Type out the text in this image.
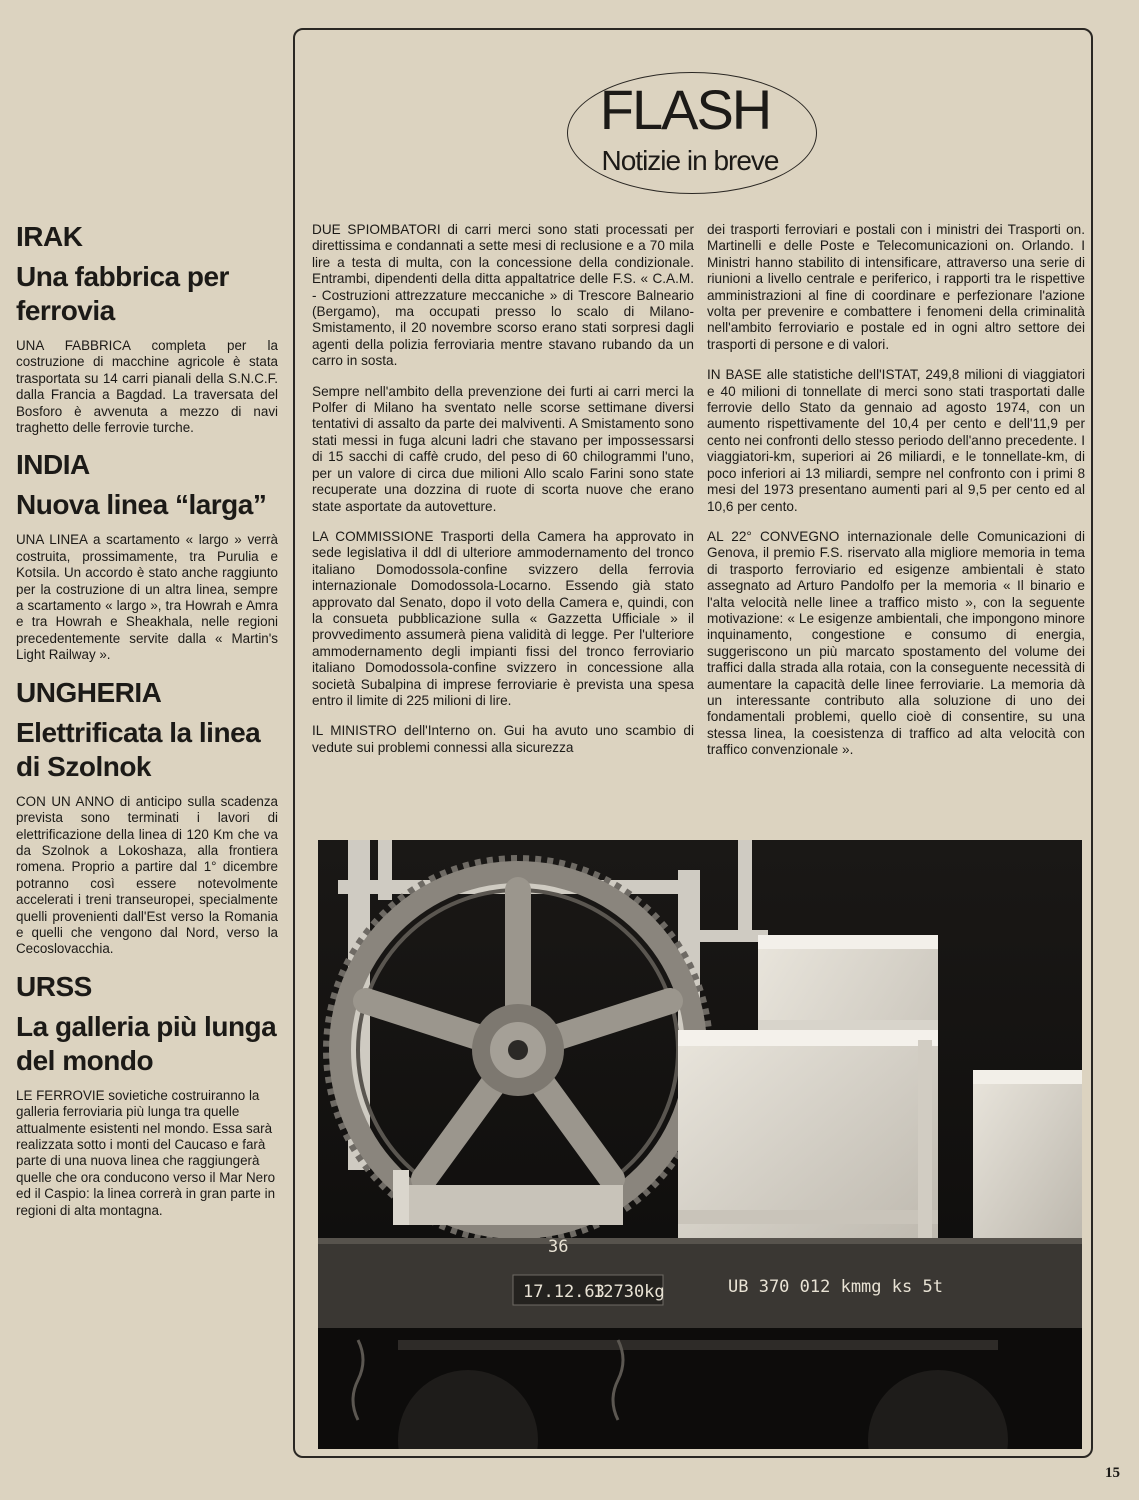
IRAK
Una fabbrica per ferrovia

UNA FABBRICA completa per la costruzione di macchine agricole è stata trasportata su 14 carri pianali della S.N.C.F. dalla Francia a Bagdad. La traversata del Bosforo è avvenuta a mezzo di navi traghetto delle ferrovie turche.

INDIA
Nuova linea “larga”

UNA LINEA a scartamento « largo » verrà costruita, prossimamente, tra Purulia e Kotsila. Un accordo è stato anche raggiunto per la costruzione di un altra linea, sempre a scartamento « largo », tra Howrah e Amra e tra Howrah e Sheakhala, nelle regioni precedentemente servite dalla « Martin's Light Railway ».

UNGHERIA
Elettrificata la linea di Szolnok

CON UN ANNO di anticipo sulla scadenza prevista sono terminati i lavori di elettrificazione della linea di 120 Km che va da Szolnok a Lokoshaza, alla frontiera romena. Proprio a partire dal 1° dicembre potranno così essere notevolmente accelerati i treni transeuropei, specialmente quelli provenienti dall'Est verso la Romania e quelli che vengono dal Nord, verso la Cecoslovacchia.

URSS
La galleria più lunga del mondo

LE FERROVIE sovietiche costruiranno la galleria ferroviaria più lunga tra quelle attualmente esistenti nel mondo. Essa sarà realizzata sotto i monti del Caucaso e farà parte di una nuova linea che raggiungerà quelle che ora conducono verso il Mar Nero ed il Caspio: la linea correrà in gran parte in regioni di alta montagna.

FLASH
Notizie in breve

DUE SPIOMBATORI di carri merci sono stati processati per direttissima e condannati a sette mesi di reclusione e a 70 mila lire a testa di multa, con la concessione della condizionale. Entrambi, dipendenti della ditta appaltatrice delle F.S. « C.A.M. - Costruzioni attrezzature meccaniche » di Trescore Balneario (Bergamo), ma occupati presso lo scalo di Milano-Smistamento, il 20 novembre scorso erano stati sorpresi dagli agenti della polizia ferroviaria mentre stavano rubando da un carro in sosta.

Sempre nell'ambito della prevenzione dei furti ai carri merci la Polfer di Milano ha sventato nelle scorse settimane diversi tentativi di assalto da parte dei malviventi. A Smistamento sono stati messi in fuga alcuni ladri che stavano per impossessarsi di 15 sacchi di caffè crudo, del peso di 60 chilogrammi l'uno, per un valore di circa due milioni Allo scalo Farini sono state recuperate una dozzina di ruote di scorta nuove che erano state asportate da autovetture.

LA COMMISSIONE Trasporti della Camera ha approvato in sede legislativa il ddl di ulteriore ammodernamento del tronco italiano Domodossola-confine svizzero della ferrovia internazionale Domodossola-Locarno. Essendo già stato approvato dal Senato, dopo il voto della Camera e, quindi, con la consueta pubblicazione sulla « Gazzetta Ufficiale » il provvedimento assumerà piena validità di legge. Per l'ulteriore ammodernamento degli impianti fissi del tronco ferroviario italiano Domodossola-confine svizzero in concessione alla società Subalpina di imprese ferroviarie è prevista una spesa entro il limite di 225 milioni di lire.

IL MINISTRO dell'Interno on. Gui ha avuto uno scambio di vedute sui problemi connessi alla sicurezza

dei trasporti ferroviari e postali con i ministri dei Trasporti on. Martinelli e delle Poste e Telecomunicazioni on. Orlando. I Ministri hanno stabilito di intensificare, attraverso una serie di riunioni a livello centrale e periferico, i rapporti tra le rispettive amministrazioni al fine di coordinare e perfezionare l'azione volta per prevenire e combattere i fenomeni della criminalità nell'ambito ferroviario e postale ed in ogni altro settore dei trasporti di persone e di valori.

IN BASE alle statistiche dell'ISTAT, 249,8 milioni di viaggiatori e 40 milioni di tonnellate di merci sono stati trasportati dalle ferrovie dello Stato da gennaio ad agosto 1974, con un aumento rispettivamente del 10,4 per cento e dell'11,9 per cento nei confronti dello stesso periodo dell'anno precedente. I viaggiatori-km, superiori ai 26 miliardi, e le tonnellate-km, di poco inferiori ai 13 miliardi, sempre nel confronto con i primi 8 mesi del 1973 presentano aumenti pari al 9,5 per cento ed al 10,6 per cento.

AL 22° CONVEGNO internazionale delle Comunicazioni di Genova, il premio F.S. riservato alla migliore memoria in tema di trasporto ferroviario ed esigenze ambientali è stato assegnato ad Arturo Pandolfo per la memoria « Il binario e l'alta velocità nelle linee a traffico misto », con la seguente motivazione: « Le esigenze ambientali, che impongono minore inquinamento, congestione e consumo di energia, suggeriscono un più marcato spostamento del volume dei traffici dalla strada alla rotaia, con la conseguente necessità di aumentare la capacità delle linee ferroviarie. La memoria dà un interessante contributo alla soluzione di uno dei fondamentali problemi, quello cioè di consentire, su una stessa linea, la coesistenza di traffico ad alta velocità con traffico convenzionale ».

17.12.63
12730kg	UB 370 012 kmmg ks 5t
36
15
